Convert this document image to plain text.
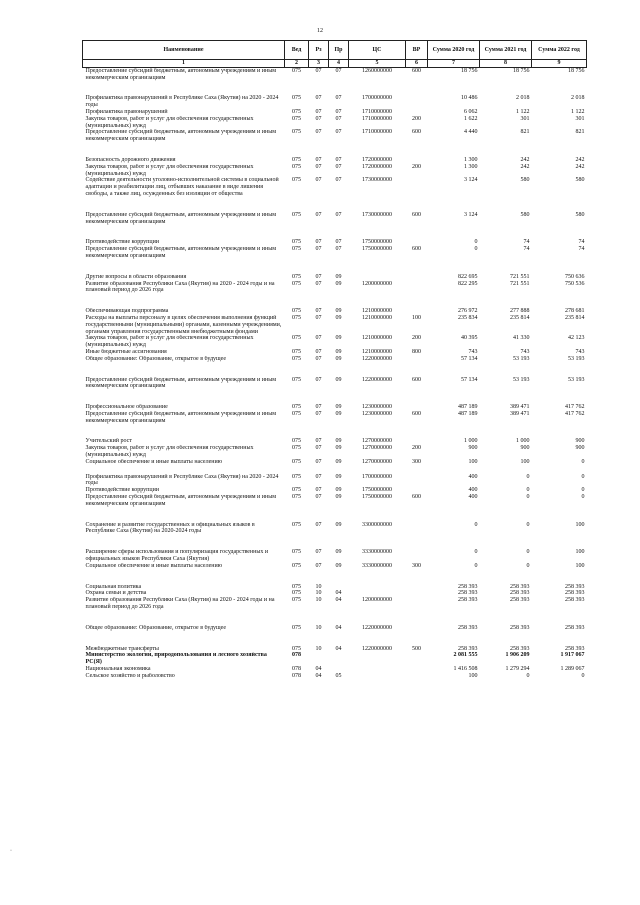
12
Наименование	Вед	Рз	Пр	ЦС	ВР	Сумма 2020 год	Сумма 2021 год	Сумма 2022 год
1	2	3	4	5	6	7	8	9
Предоставление субсидий бюджетным, автономным учреждениям и иным некоммерческим организациям	075	07	07	1260000000	600	18 756	18 756	18 756

Профилактика правонарушений в Республике Саха (Якутия) на 2020 - 2024 годы	075	07	07	1700000000		10 486	2 018	2 018
Профилактика правонарушений	075	07	07	1710000000		6 062	1 122	1 122
Закупка товаров, работ и услуг для обеспечения государственных (муниципальных) нужд	075	07	07	1710000000	200	1 622	301	301
Предоставление субсидий бюджетным, автономным учреждениям и иным некоммерческим организациям	075	07	07	1710000000	600	4 440	821	821

Безопасность дорожного движения	075	07	07	1720000000		1 300	242	242
Закупка товаров, работ и услуг для обеспечения государственных (муниципальных) нужд	075	07	07	1720000000	200	1 300	242	242
Содействие деятельности уголовно-исполнительной системы в социальной адаптации и реабилитации лиц, отбывших наказание в виде лишения свободы, а также лиц, осужденных без изоляции от общества	075	07	07	1730000000		3 124	580	580

Предоставление субсидий бюджетным, автономным учреждениям и иным некоммерческим организациям	075	07	07	1730000000	600	3 124	580	580

Противодействие коррупции	075	07	07	1750000000		0	74	74
Предоставление субсидий бюджетным, автономным учреждениям и иным некоммерческим организациям	075	07	07	1750000000	600	0	74	74

Другие вопросы в области образования	075	07	09			822 695	721 551	750 636
Развитие образования Республики Саха (Якутия) на 2020 - 2024 годы и на плановый период до 2026 года	075	07	09	1200000000		822 295	721 551	750 536

Обеспечивающая подпрограмма	075	07	09	1210000000		276 972	277 888	278 681
Расходы на выплаты персоналу в целях обеспечения выполнения функций государственными (муниципальными) органами, казенными учреждениями, органами управления государственными внебюджетными фондами	075	07	09	1210000000	100	235 834	235 814	235 814
Закупка товаров, работ и услуг для обеспечения государственных (муниципальных) нужд	075	07	09	1210000000	200	40 395	41 330	42 123
Иные бюджетные ассигнования	075	07	09	1210000000	800	743	743	743
Общее образование: Образование, открытое в будущее	075	07	09	1220000000		57 134	53 193	53 193

Предоставление субсидий бюджетным, автономным учреждениям и иным некоммерческим организациям	075	07	09	1220000000	600	57 134	53 193	53 193

Профессиональное образование	075	07	09	1230000000		487 189	389 471	417 762
Предоставление субсидий бюджетным, автономным учреждениям и иным некоммерческим организациям	075	07	09	1230000000	600	487 189	389 471	417 762

Учительский рост	075	07	09	1270000000		1 000	1 000	900
Закупка товаров, работ и услуг для обеспечения государственных (муниципальных) нужд	075	07	09	1270000000	200	900	900	900
Социальное обеспечение и иные выплаты населению	075	07	09	1270000000	300	100	100	0

Профилактика правонарушений в Республике Саха (Якутия) на 2020 - 2024 годы	075	07	09	1700000000		400	0	0
Противодействие коррупции	075	07	09	1750000000		400	0	0
Предоставление субсидий бюджетным, автономным учреждениям и иным некоммерческим организациям	075	07	09	1750000000	600	400	0	0

Сохранение и развитие государственных и официальных языков в Республике Саха (Якутия) на 2020-2024 годы	075	07	09	3300000000		0	0	100

Расширение сферы использования и популяризация государственных и официальных языков Республики Саха (Якутия)	075	07	09	3330000000		0	0	100
Социальное обеспечение и иные выплаты населению	075	07	09	3330000000	300	0	0	100

Социальная политика	075	10				258 393	258 393	258 393
Охрана семьи и детства	075	10	04			258 393	258 393	258 393
Развитие образования Республики Саха (Якутия) на 2020 - 2024 годы и на плановый период до 2026 года	075	10	04	1200000000		258 393	258 393	258 393

Общее образование: Образование, открытое в будущее	075	10	04	1220000000		258 393	258 393	258 393

Межбюджетные трансферты	075	10	04	1220000000	500	258 393	258 393	258 393
Министерство экологии, природопользования и лесного хозяйства РС(Я)	078					2 081 555	1 906 209	1 917 067
Национальная экономика	078	04				1 416 508	1 279 294	1 289 067
Сельское хозяйство и рыболовство	078	04	05			100	0	0
·
